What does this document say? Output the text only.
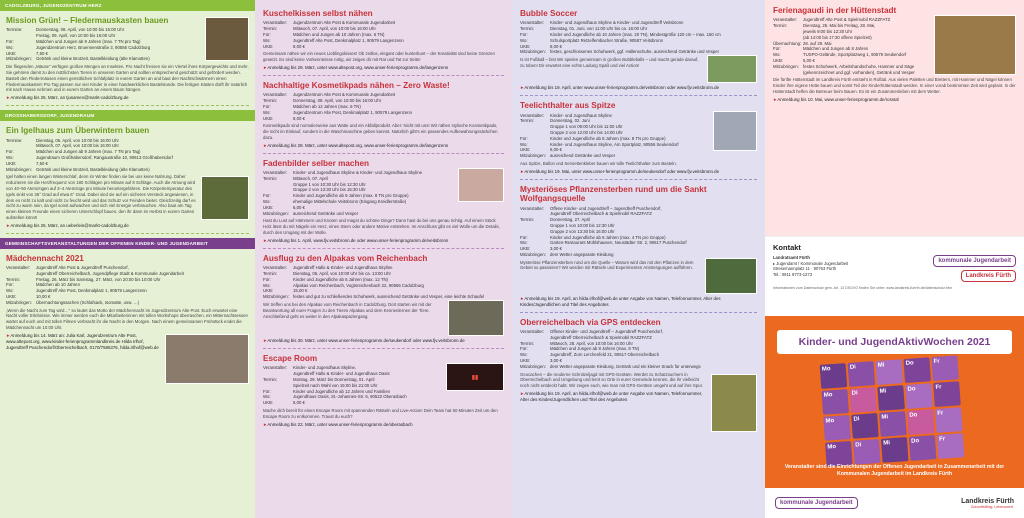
CADOLZBURG, JUGENDZENTRUM HERZ
Mission Grün! – Fledermauskasten bauen
Termine:	Donnerstag, 08. April, von 10:00 bis 16:00 Uhr
Freitag, 09. April, von 10:00 bis 16:00 Uhr
Für:	Mädchen und Jungen ab 9 Jahren (max. 7 TN pro Tag)
Wo:	Jugendzentrum Herz, Bruennenstraße 3, 90556 Cadolzburg
UKB:	7,50 €
Mitzubringen: Getränk und kleine Brotzeit, Bastelkleidung (alte Klamotten)
Die fliegenden „Mäuse" verfügen großen Mengen an Insekten. Pro Nacht fressen sie ein Viertel ihres Körpergewichts und mehr. Sie gehören damit zu den nützlichsten Tieren in unserem Garten und sollten entsprechend geschützt und gefördert werden. Bastelt den Fledermäusen einen gemütlichen Schlafplatz in eurem Garten an und baut den Nachtschwärmern einen Fledermauskasten! Pro Tag passen nur vier Kinder in einer handwerklichen Bastelstunde. Die fertigen Kästen dürft ihr natürlich mit nach Hause nehmen und in eurem Garten an einem Baum hängen.
► Anmeldung bis 26. März, an tjusamen@markt-cadolzburg.de
GROSSHABERSDORF, JUGENDRAUM
Ein Igelhaus zum Überwintern bauen
Termine:	Dienstag, 06. April, von 10:00 bis 16:00 Uhr
Mittwoch, 07. April, von 10:00 bis 16:00 Uhr
Für:	Mädchen und Jungen ab 9 Jahren (max. 7 TN pro Tag)
Wo:	Jugendraum Großhabersdorf, Rangaustraße 10, 90613 Großhabersdorf
UKB:	7,50 €
Mitzubringen: Getränk und kleine Brotzeit, Bastelkleidung (alte Klamotten)
Igel halten einen langen Winterschlaf, denn im Winter finden sie bei uns keine Nahrung. Daher reduzieren sie die Herzfrequenz von 180 Schlägen pro Minute auf 8 Schläge. Auch die Atmung wird von 40–50 Atemzügen auf 3–4 Atemzüge pro Minute heruntergefahren. Die Körpertemperatur des Igels sinkt von 36° Grad auf etwa 6° Grad. Dabei sind sie auf ein sicheres Versteck angewiesen, in dem es nicht zu kalt und nicht zu feucht wird und das Schutz vor Feinden bietet. Gleichzeitig darf es nicht zu warm sein, da Igel sonst aufwachen und sich viel Energie verbrauchen. Also baut am Tag einen kleinen Freunde einen sicheren Unterschlupf bauen, den ihr dann im Herbst in eurem Garten aufstellen könnt!
► Anmeldung bis 26. März, an ueberlein@markt-cadolzburg.de
GEMEINSCHAFTSVERANSTALTUNGEN DER OFFENEN KINDER- UND JUGENDARBEIT
Mädchennacht 2021
Veranstalter:	Jugendtreff Alte Post & Jugendtreff Puschendorf,
Jugendtreff Oberreichelbach, Jugendpflege Stadt & Kommunale Jugendarbeit
Termin:	Freitag, 26. März bis Samstag, 27. März, von 20:00 bis 10:00 Uhr
Für:	Mädchen ab 10 Jahren
Wo:	Jugendtreff Alte Post, Denkmalplatz 1, 90579 Langenzenn
UKB:	10,00 €
Mitzubringen: Übernachtungssachen (Schlafsack, Isomatte, usw. …)
„Wenn die Nacht zum Tag wird…" so lautet das Motto der Mädchennacht im Jugendzentrum Alte Post. Euch erwartet eine Nacht voller Erlebnisse. Wie immer werden euch die Mitarbeiterinnen mit tollen Workshops überraschen, ein Mitternachtsessen wartet auf euch und mit tollen Filmen verbracht ihr die Nacht in den Morgen. Nach einem gemeinsamen Frühstück endet die Mädchennacht um 10:00 Uhr.
► Anmeldung bis 14. März an: Julia Karl, Jugendzentrum Alte Post, www.altepost.org, www.kinder-ferienprogrammlandkreis.de Hilda Irlhof, Jugendtreff Puschendorf/Oberreichelbach, 0170/7586376, hilda.irlhof@web.de
Kuschelkissen selbst nähen
Veranstalter:	Jugendzentrum Alte Post & Kommunale Jugendarbeit
Termin:	Mittwoch, 07. April, von 10:00 bis 16:00 Uhr
Für:	Mädchen und Jungen ab 10 Jahren (max. 6 TN)
Wo:	Jugendtreff Alte Post, Denkmalplatz 1, 90579 Langenzenn
UKB:	8,00 €
Gemeinsam nähen wir ein neues Lieblingskissen! Ob zeitlos, elegant oder kunterbunt – der Kreativität sind keine Grenzen gesetzt. Es sind keine Vorkenntnisse nötig, wir zeigen dir mit Rat und Tat zur Seite!
► Anmeldung bis 28. März, unter www.altepost.org, www.unser-ferienprogramm.de/langenzenn
Nachhaltige Kosmetikpads nähen – Zero Waste!
Veranstalter:	Jugendzentrum Alte Post & Kommunale Jugendarbeit
Termin:	Donnerstag, 08. April, von 10:00 bis 16:00 Uhr
Für:	Mädchen ab 12 Jahren (max. 6 TN)
Wo:	Jugendzentrum Alte Post, Denkmalplatz 1, 90579 Langenzenn
UKB:	8,00 €
Kosmetikpads sind normalerweise aus Watte und ein Abfallprodukt. Aber: Nicht mit uns! Wir nähen stylische Kosmetikpads, die nicht im Einkauf, sondern in die Waschmaschine geben kannst. Natürlich gibt's ein passendes Aufbewahrungssäckchen dazu.
► Anmeldung bis 28. März, unter www.altepost.org, www.unser-ferienprogramm.de/langenzenn
Fadenbilder selber machen
Veranstalter:	Kinder- und Jugendhaus Skyline & Kinder- und Jugendhaus Skyline
Termin:	Mittwoch, 07. April
Gruppe 1 von 10:30 Uhr bis 12:30 Uhr
Gruppe 2 von 13:30 Uhr bis 15:30 Uhr
Für:	Kinder und Jugendliche ab 9 Jahren (max. 8 TN pro Gruppe)
Wo:	ehemalige Mittelschule Veitsbronn (Eingang Kreidlerstraße)
UKB:	6,00 €
Mitzubringen: ausreichend Getränke und Vesper
Hast du Lust auf Hämmern und Knoten und magst du schöne Dinge? Dann hast du bei uns genau richtig. Auf einem Stück Holz lässt du mit Nägeln ein Herz, einen Stern oder andere Motive entstehen. Im Anschluss gibt es viel Wolle um die Details, durch den Umgang mit der Wolle.
► Anmeldung bis 1. April, www.fjv.veitsbronn.de oder www.unser-ferienprogramm.de/veitsbronn
Ausflug zu den Alpakas vom Reichenbach
Veranstalter:	Jugendtreff Hallo & Kinder- und Jugendhaus Skyline
Termin:	Dienstag, 06. April, von 10:00 Uhr bis ca. 13:00 Uhr
Für:	Kinder und Jugendliche ab 6 Jahren (max. 12 TN)
Wo:	Alpakas vom Reichenbach, Vogtsreichenbach 22, 90556 Cadolzburg
UKB:	15,00 €
Mitzubringen: festes und gut zu schließendes Schuhwerk, ausreichend Getränke und Vesper, eine leichte Schaufel
Wir treffen uns bei den Alpakas vom Reichenbach in Cadolzburg. Dort starten wir mit der Beantwortung all eurer Fragen zu den Tieren Alpakas und dem Kennenlernen der Tiere. Anschließend geht es weiter in den Alpakaspaziergang.
► Anmeldung bis 30. März, unter www.unser-ferienprogramm.de/seukendorf oder www.fjv.veitsbronn.de
Escape Room
Veranstalter:	Kinder- und Jugendhaus Skyline,
Jugendtreff Hallo & Kinder- und Jugendhaus Oasis
Termin:	Montag, 29. März bis Donnerstag, 01. April
Spielzeit nach Wahl von 15:00 bis 21:00 Uhr
Für:	Kinder und Jugendliche ab 12 Jahren und Familien
Wo:	Jugendhaus Oasis, St.-Johannes-Str. 6, 90522 Oberasbach
UKB:	5,00 €
▮▮
Mache dich bereit für einen Escape Room mit spannenden Rätseln und Live-Action! Dein Team hat 60 Minuten Zeit um den Escape Room zu entkommen. Traust du euch?
► Anmeldung bis 22. März, unter www.unser-ferienprogramm.de/oberasbach
Bubble Soccer
Veranstalter:	Kinder- und Jugendhaus Skyline & Kinder- und Jugendtreff Veitsbronn
Termin:	Dienstag, 01. Juni, von 11:00 Uhr bis ca. 16:00 Uhr
Für:	Kinder und Jugendliche ab 10 Jahren (max. 20 TN), Mindestgröße 120 cm – max. 150 cm
Wo:	Schulsportplatz Retzelfembacher Straße, 90587 Veitsbronn
UKB:	8,00 €
Mitzubringen: festes, geschlossenes Schuhwerk, ggf. Hallenschuhe, ausreichend Getränke und Vesper
Is ist Fußball – bist Wir spielen gemeinsam in großen Bubbleballs – und macht gerade darauf, zu toben! Dir erwartet eine echte Ladung Spaß und viel Action!
► Anmeldung bis 19. April, unter www.unser-ferienprogramm.de/veitsbronn oder www.fjv.veitsbronn.de
Teelichthalter aus Spitze
Veranstalter:	Kinder- und Jugendhaus Skyline
Termin:	Donnerstag, 02. Juni
Gruppe 1 von 09:00 Uhr bis 11:00 Uhr
Gruppe 2 von 12:00 Uhr bis 14:00 Uhr
Für:	Kinder und Jugendliche ab 8 Jahren (max. 8 TN pro Gruppe)
Wo:	Kinder- und Jugendhaus Skyline, Am Sportplatz, 90556 Seukendorf
UKB:	6,00 €
Mitzubringen: ausreichend Getränke und Vesper
Aus Spitze, Ballon und Serviettenkleber bauen wir tolle Teelichthalter zum Basteln.
► Anmeldung bis 19. Mai, unter www.unser-ferienprogramm.de/seukendorf oder www.fjv.veitsbronn.de
Mysteriöses Pflanzensterben rund um die Sankt Wolfgangsquelle
Veranstalter:	Offene Kinder- und Jugendtreff – Jugendtreff Puschendorf,
Jugendtreff Oberreichelbach & Spielmobil RAZZFATZ
Termin:	Donnerstag, 27. April
Gruppe 1 von 10:00 bis 12:30 Uhr
Gruppe 2 von 13:30 bis 16:00 Uhr
Für:	Kinder und Jugendliche ab 8 Jahren (max. 4 TN pro Gruppe)
Wo:	Garten-Restaurant Mühlshausen, Neustädter Str. 2, 90617 Puschendorf
UKB:	3,00 €
Mitzubringen: dem Wetter angepasste Kleidung
Mysteriöse Pflanzensterben rund um die Quelle – Warum wird das mit den Pflanzen in dem Gebiet so passieren? Wir werden mit Rätseln und Experimenten Anstrengungen aufführen.
► Anmeldung bis 19. April, an hilda.irlhof@web.de unter Angabe von Namen, Telefonnummer, Alter des Kindes/Jugendlichen und Titel des Angebotes
Oberreichelbach via GPS entdecken
Veranstalter:	Offener Kinder- und Jugendtreff – Jugendtreff Puschendorf,
Jugendtreff Oberreichelbach & Spielmobil RAZZFATZ
Termin:	Mittwoch, 28. April, von 10:00 bis 16:00 Uhr
Für:	Mädchen und Jungen ab 8 Jahren (max. 8 TN)
Wo:	Jugendtreff, Zum Lerchenfeld 21, 90617 Oberreichelbach
UKB:	3,00 €
Mitzubringen: dem Wetter angepasste Kleidung, Getränk und ein kleiner Snack für unterwegs
Geocachen – die moderne Schnitzeljagd mit GPS-Geräten. Werdet zu Schatzsuchern in Oberreichelbach und Umgebung und lernt so Orte in eurer Gemeinde kennen, die ihr vielleicht noch nicht entdeckt habt. Wir zeigen euch, wie man mit GPS-Geräten umgeht und auf ihre Spur.
► Anmeldung bis 19. April, an hilda.irlhof@web.de unter Angabe von Namen, Telefonnummer, Alter des Kindes/Jugendlichen und Titel des Angebotes
Ferienagaudi in der Hüttenstadt
Veranstalter:	Jugendtreff Alte Post & Spielmobil RAZZFATZ
Termin:	Dienstag, 25. Mai bis Freitag, 28. Mai,
jeweils 9:00 bis 12:30 Uhr
(ab 14:00 bis 17:30 offene Spielzeit)
Übernachtung: 28. auf 29. Mai
Für:	Mädchen und Jungen ab 8 Jahren
Wo:	TUSPO-Gelände, Sportplatzweg 1, 90579 Seukendorf
UKB:	5,00 €
Mitzubringen: festes Schuhwerk, Arbeitshandschuhe, Hammer und Säge (gekennzeichnet und ggf. vorhanden), Getränk und Vesper
Die fünfte Hüttenstadt im Landkreis Fürth entsteht in Roßtal. Aus vielen Paletten und Brettern, mit Hammer und Nägel können Kinder ihre eigene Hütte bauen und somit Teil der Kinderhüttenstadt werden. In einer vorab bestimmten Zeit wird geplant. In der Hüttenstadt helfen die Betreuer beim Bauen. Es ist ein Zusammenleben mit dem Wetter.
► Anmeldung bis 10. Mai, www.unser-ferienprogramm.de/rosstal
Kontakt
Landratsamt Fürth
▸ Jugendamt / Kommunale Jugendarbeit
Stresemannplatz 11 · 90763 Fürth
Tel.: 0911 9773-1273
kommunale Jugendarbeit
Landkreis Fürth
Informationen zum Datenschutz gem. Art. 13 DSGVO finden Sie unter: www.landkreis-fuerth.de/datenschutz.htm
Kinder- und JugendAktivWochen 2021
Mo	Di	Mi	Do	Fr
Mo	Di	Mi	Do	Fr
Mo	Di	Mi	Do	Fr
Mo	Di	Mi	Do	Fr
Veranstalter sind die Einrichtungen der Offenen Jugendarbeit in Zusammenarbeit mit der Kommunalen Jugendarbeit im Landkreis Fürth
kommunale Jugendarbeit	Landkreis Fürth
Zukunftsfähig. Lebenswert.
